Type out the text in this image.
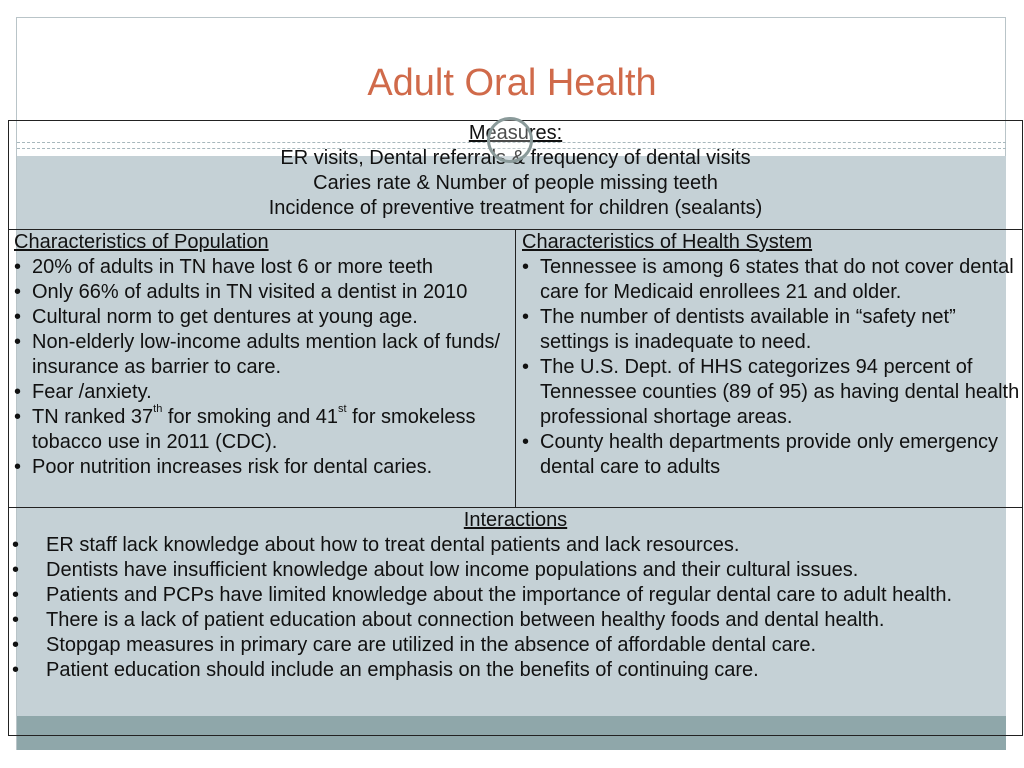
Adult Oral Health
Measures:
ER visits, Dental referrals & frequency of dental visits
Caries rate & Number of people missing teeth
Incidence of preventive treatment for children (sealants)

Characteristics of Population
• 20% of adults in TN have lost 6 or more teeth
• Only 66% of adults in TN visited a dentist in 2010
• Cultural norm to get dentures at young age.
• Non-elderly low-income adults mention lack of funds/ insurance as barrier to care.
• Fear /anxiety.
• TN ranked 37th for smoking and 41st for smokeless tobacco use in 2011 (CDC).
• Poor nutrition increases risk for dental caries.

Characteristics of Health System
• Tennessee is among 6 states that do not cover dental care for Medicaid enrollees 21 and older.
• The number of dentists available in “safety net” settings is inadequate to need.
• The U.S. Dept. of HHS categorizes 94 percent of Tennessee counties (89 of 95) as having dental health professional shortage areas.
• County health departments provide only emergency dental care to adults

Interactions
• ER staff lack knowledge about how to treat dental patients and lack resources.
• Dentists have insufficient knowledge about low income populations and their cultural issues.
• Patients and PCPs have limited knowledge about the importance of regular dental care to adult health.
• There is a lack of patient education about connection between healthy foods and dental health.
• Stopgap measures in primary care are utilized in the absence of affordable dental care.
• Patient education should include an emphasis on the benefits of continuing care.
